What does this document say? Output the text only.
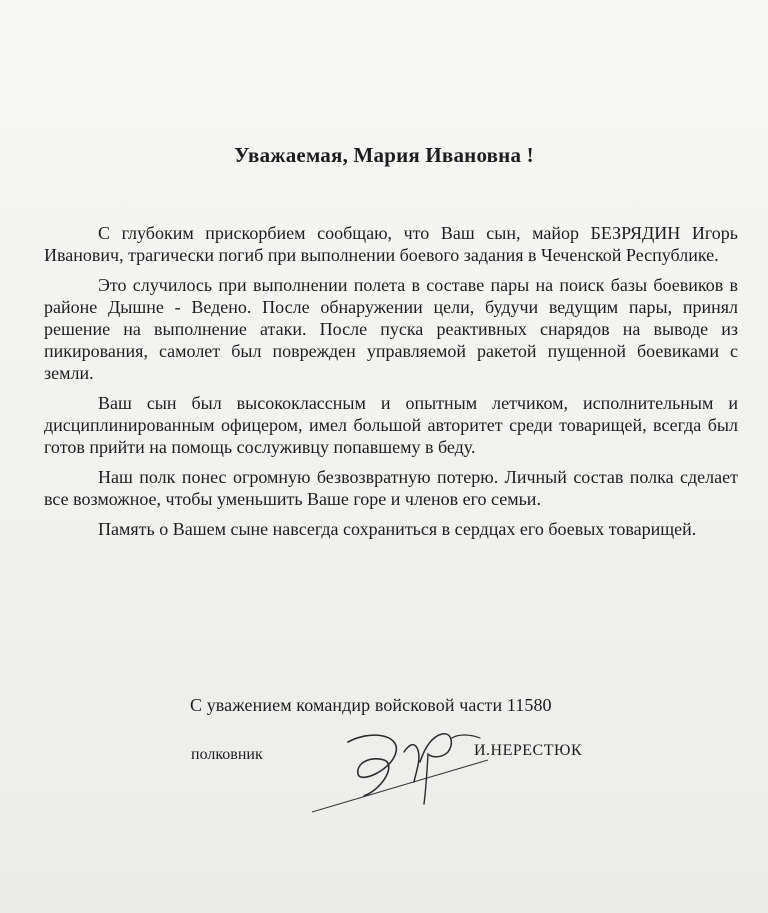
Уважаемая, Мария Ивановна !

С глубоким прискорбием сообщаю, что Ваш сын, майор БЕЗРЯДИН Игорь Иванович, трагически погиб при выполнении боевого задания в Чеченской Республике.

Это случилось при выполнении полета в составе пары на поиск базы боевиков в районе Дышне - Ведено. После обнаружении цели, будучи ведущим пары, принял решение на выполнение атаки. После пуска реактивных снарядов на выводе из пикирования, самолет был поврежден управляемой ракетой пущенной боевиками с земли.

Ваш сын был высококлассным и опытным летчиком, исполнительным и дисциплинированным офицером, имел большой авторитет среди товарищей, всегда был готов прийти на помощь сослуживцу попавшему в беду.

Наш полк понес огромную безвозвратную потерю. Личный состав полка сделает все возможное, чтобы уменьшить Ваше горе и членов его семьи.

Память о Вашем сыне навсегда сохраниться в сердцах его боевых товарищей.

С уважением командир войсковой части 11580
полковник	И.НЕРЕСТЮК
